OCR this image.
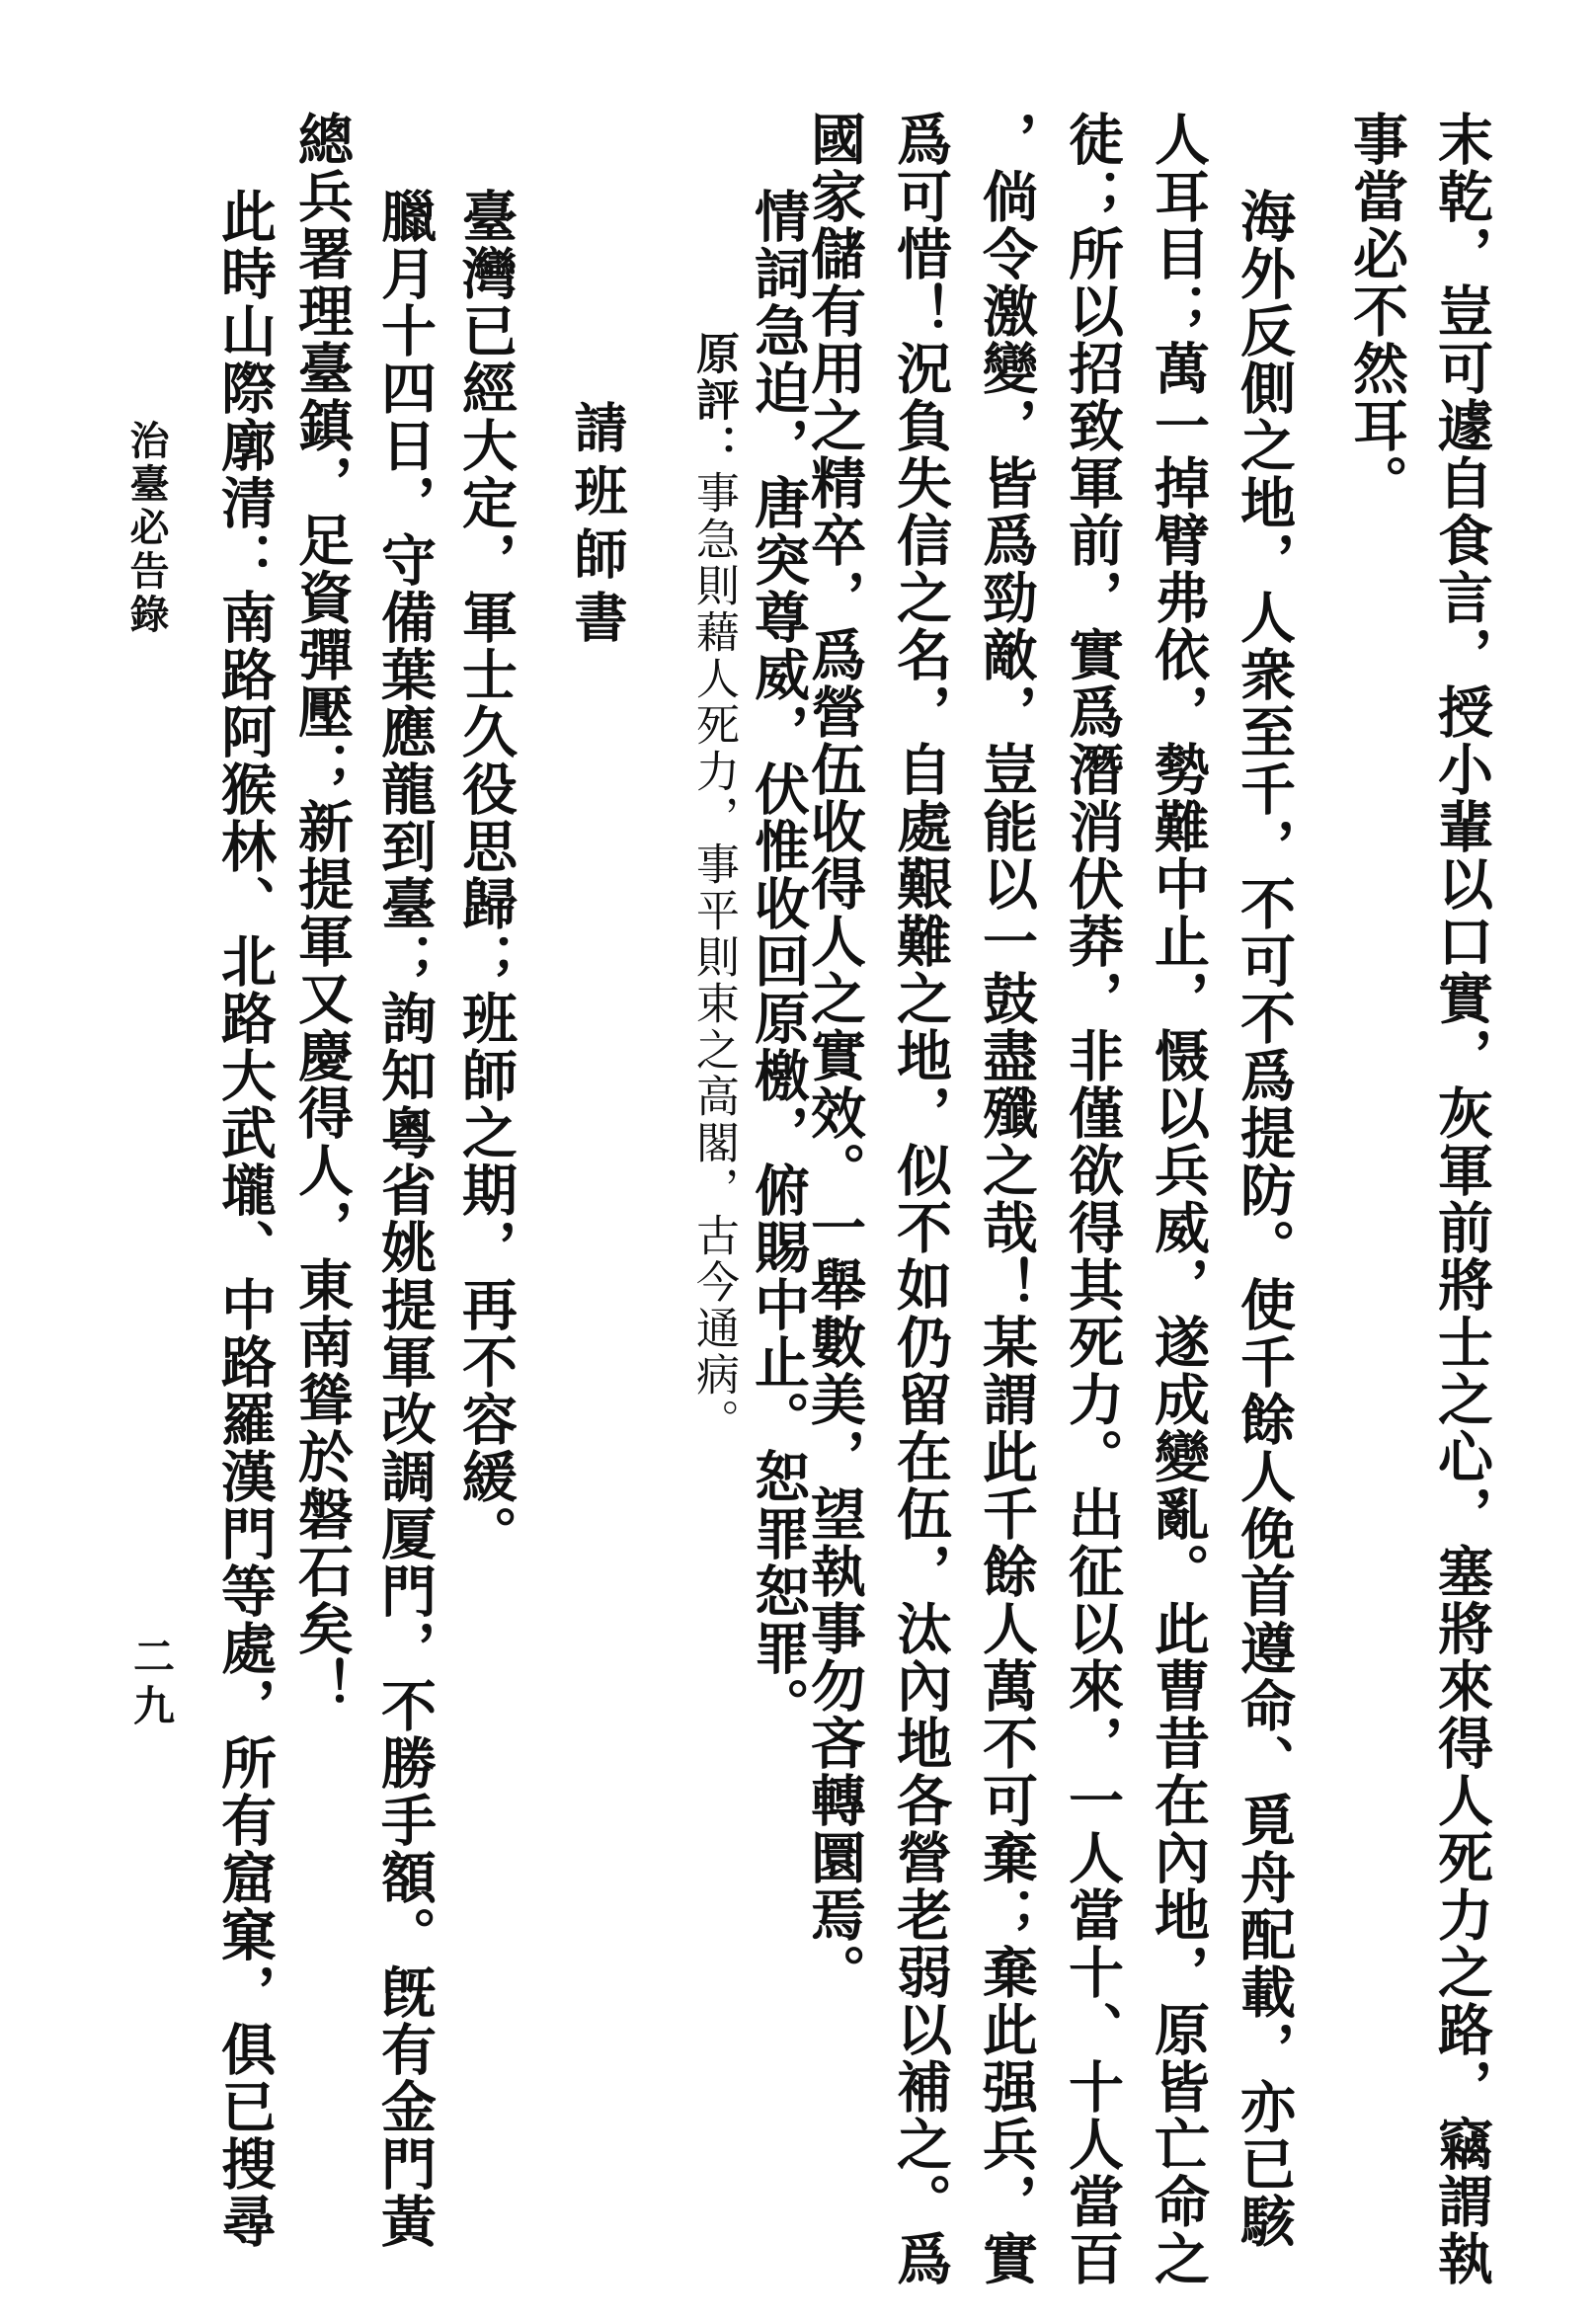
末乾，豈可遽自食言，授小輩以口實，灰軍前將士之心，塞將來得人死力之路，竊謂執
事當必不然耳。
海外反側之地，人衆至千，不可不爲提防。使千餘人俛首遵命、覓舟配載，亦已駭
人耳目；萬一掉臂弗依，勢難中止，慑以兵威，遂成變亂。此曹昔在內地，原皆亡命之
徒；所以招致軍前，實爲潛消伏莽，非僅欲得其死力。出征以來，一人當十、十人當百
，倘令激變，皆爲勁敵，豈能以一鼓盡殲之哉！某謂此千餘人萬不可棄；棄此强兵，實
爲可惜！況負失信之名，自處艱難之地，似不如仍留在伍，汰內地各營老弱以補之。爲
國家儲有用之精卒，爲營伍收得人之實效。一舉數美，望執事勿吝轉圜焉。
情詞急迫，唐突尊威，伏惟收回原檄，俯賜中止。恕罪恕罪。
原評：事急則藉人死力，事平則束之高閣，古今通病。
請班師書
臺灣已經大定，軍士久役思歸；班師之期，再不容緩。
臘月十四日，守備葉應龍到臺；詢知粵省姚提軍改調厦門，不勝手額。旣有金門黃
總兵署理臺鎮，足資彈壓；新提軍又慶得人，東南聳於磐石矣！
此時山際廓清：南路阿猴林、北路大武壠、中路羅漢門等處，所有窟窠，俱已搜尋
治臺必告錄
二九
